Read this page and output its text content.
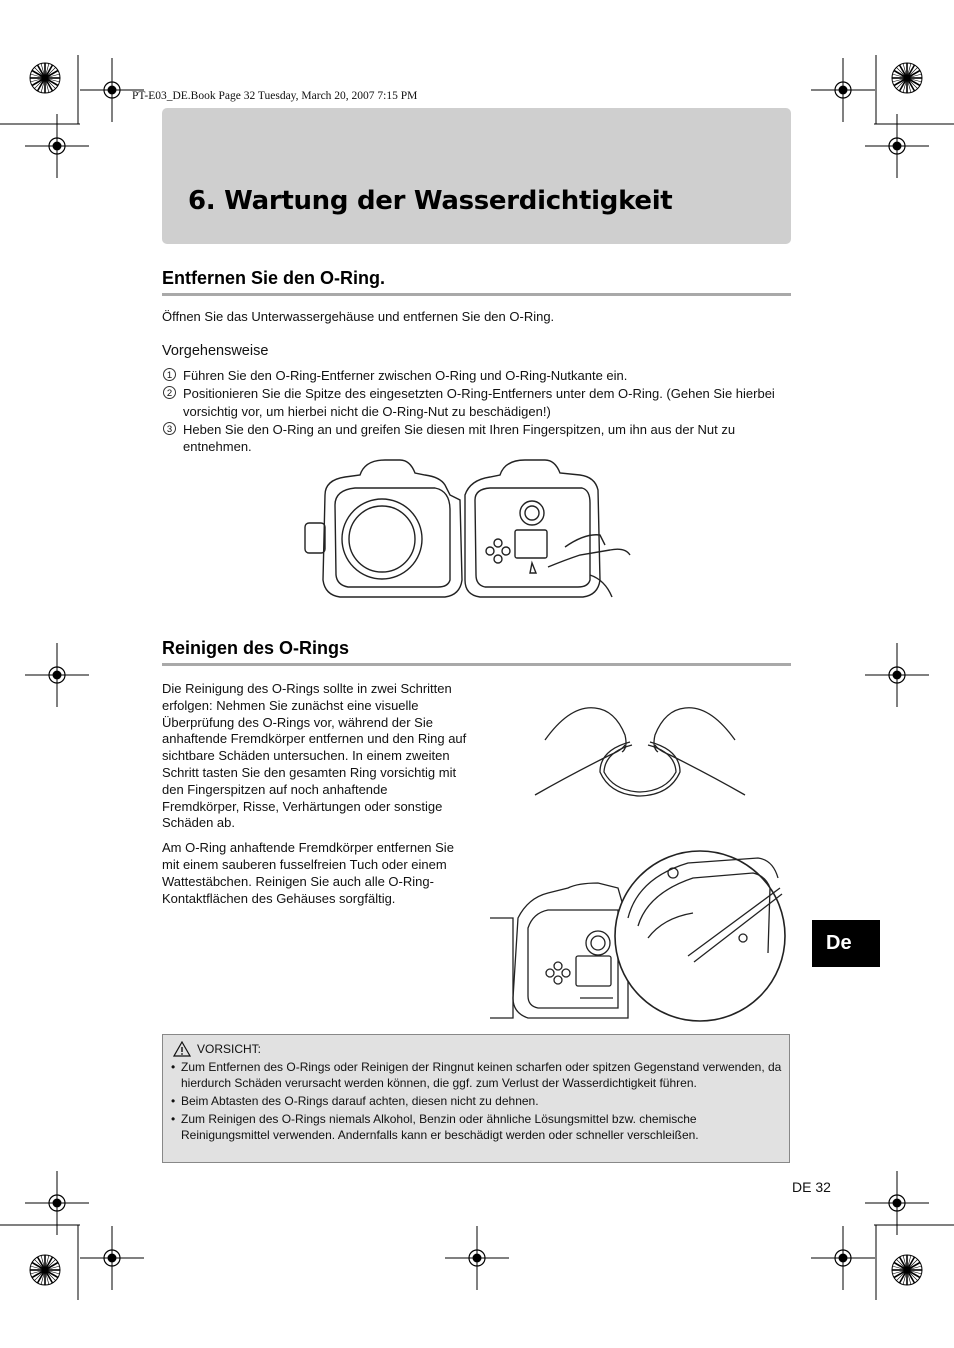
PT-E03_DE.Book Page 32 Tuesday, March 20, 2007 7:15 PM
6. Wartung der Wasserdichtigkeit
Entfernen Sie den O-Ring.

Öffnen Sie das Unterwassergehäuse und entfernen Sie den O-Ring.

Vorgehensweise
1 Führen Sie den O-Ring-Entferner zwischen O-Ring und O-Ring-Nutkante ein.
2 Positionieren Sie die Spitze des eingesetzten O-Ring-Entferners unter dem O-Ring. (Gehen Sie hierbei vorsichtig vor, um hierbei nicht die O-Ring-Nut zu beschädigen!)
3 Heben Sie den O-Ring an und greifen Sie diesen mit Ihren Fingerspitzen, um ihn aus der Nut zu entnehmen.
Reinigen des O-Rings

Die Reinigung des O-Rings sollte in zwei Schritten erfolgen: Nehmen Sie zunächst eine visuelle Überprüfung des O-Rings vor, während der Sie anhaftende Fremdkörper entfernen und den Ring auf sichtbare Schäden untersuchen. In einem zweiten Schritt tasten Sie den gesamten Ring vorsichtig mit den Fingerspitzen auf noch anhaftende Fremdkörper, Risse, Verhärtungen oder sonstige Schäden ab.

Am O-Ring anhaftende Fremdkörper entfernen Sie mit einem sauberen fusselfreien Tuch oder einem Wattestäbchen. Reinigen Sie auch alle O-Ring-Kontaktflächen des Gehäuses sorgfältig.

VORSICHT:
• Zum Entfernen des O-Rings oder Reinigen der Ringnut keinen scharfen oder spitzen Gegenstand verwenden, da hierdurch Schäden verursacht werden können, die ggf. zum Verlust der Wasserdichtigkeit führen.
• Beim Abtasten des O-Rings darauf achten, diesen nicht zu dehnen.
• Zum Reinigen des O-Rings niemals Alkohol, Benzin oder ähnliche Lösungsmittel bzw. chemische Reinigungsmittel verwenden. Andernfalls kann er beschädigt werden oder schneller verschleißen.
De
DE 32
